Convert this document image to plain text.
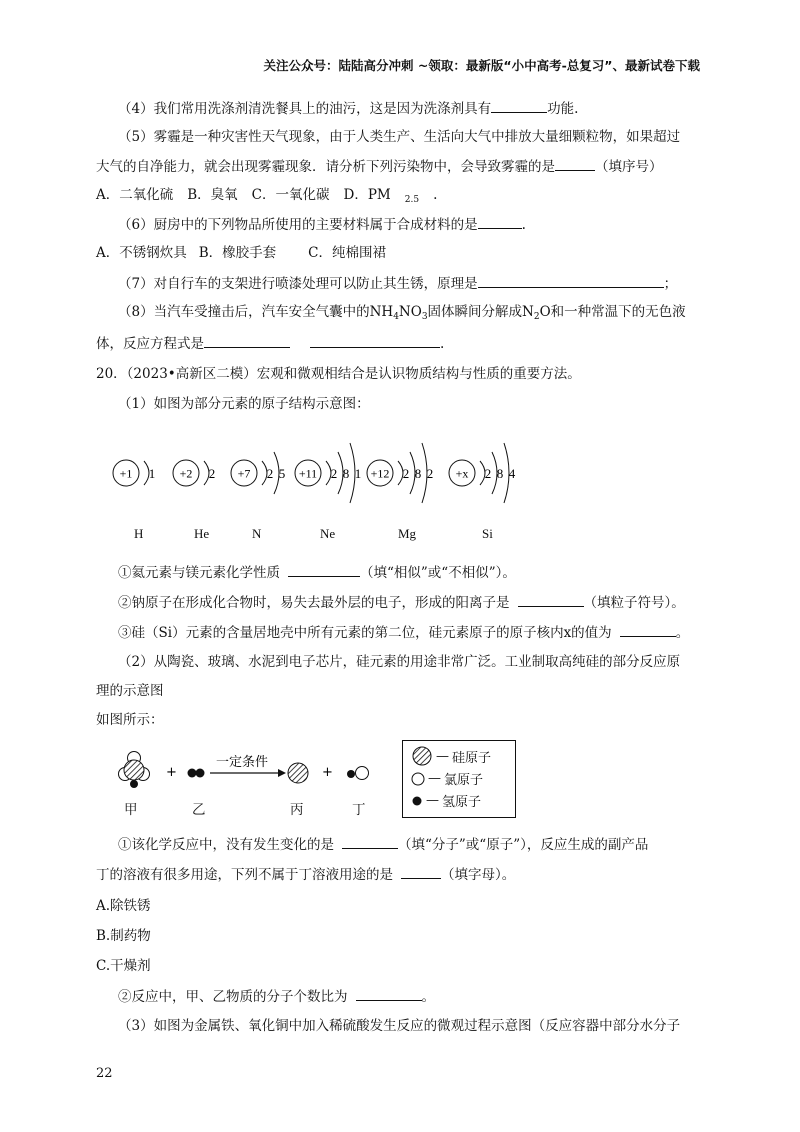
关注公众号：陆陆高分冲刺 ~领取：最新版“小中高考-总复习”、最新试卷下载
（4）我们常用洗涤剂清洗餐具上的油污，这是因为洗涤剂具有	功能.
（5）雾霾是一种灾害性天气现象，由于人类生产、生活向大气中排放大量细颗粒物，如果超过
大气的自净能力，就会出现雾霾现象．请分析下列污染物中，会导致雾霾的是	（填序号）
A．二氧化硫 B．臭氧 C．一氧化碳 D．PM $_{2.5}$ .
（6）厨房中的下列物品所使用的主要材料属于合成材料的是	.
A．不锈钢炊具 B．橡胶手套 C．纯棉围裙
（7）对自行车的支架进行喷漆处理可以防止其生锈，原理是	；
（8）当汽车受撞击后，汽车安全气囊中的$NH_4NO_3$固体瞬间分解成$N_2O$和一种常温下的无色液
体，反应方程式是	.
20．（2023•高新区二模）宏观和微观相结合是认识物质结构与性质的重要方法。
（1）如图为部分元素的原子结构示意图：
+1 1 +2 2 +7 2 5 +11 2 8 1 +12 2 8 2 +x 2 8 4
H	He	N	Ne	Mg	Si
①氦元素与镁元素化学性质	（填“相似”或“不相似”）。
②钠原子在形成化合物时，易失去最外层的电子，形成的阳离子是	（填粒子符号）。
③硅（Si）元素的含量居地壳中所有元素的第二位，硅元素原子的原子核内x的值为	。
（2）从陶瓷、玻璃、水泥到电子芯片，硅元素的用途非常广泛。工业制取高纯硅的部分反应原
理的示意图
如图所示：
+
一定条件
+
甲	乙	丙	丁
— 硅原子
— 氯原子
— 氢原子
①该化学反应中，没有发生变化的是	（填“分子”或“原子”），反应生成的副产品
丁的溶液有很多用途，下列不属于丁溶液用途的是	（填字母）。
A.除铁锈
B.制药物
C.干燥剂
②反应中，甲、乙物质的分子个数比为	。
（3）如图为金属铁、氧化铜中加入稀硫酸发生反应的微观过程示意图（反应容器中部分水分子
22
